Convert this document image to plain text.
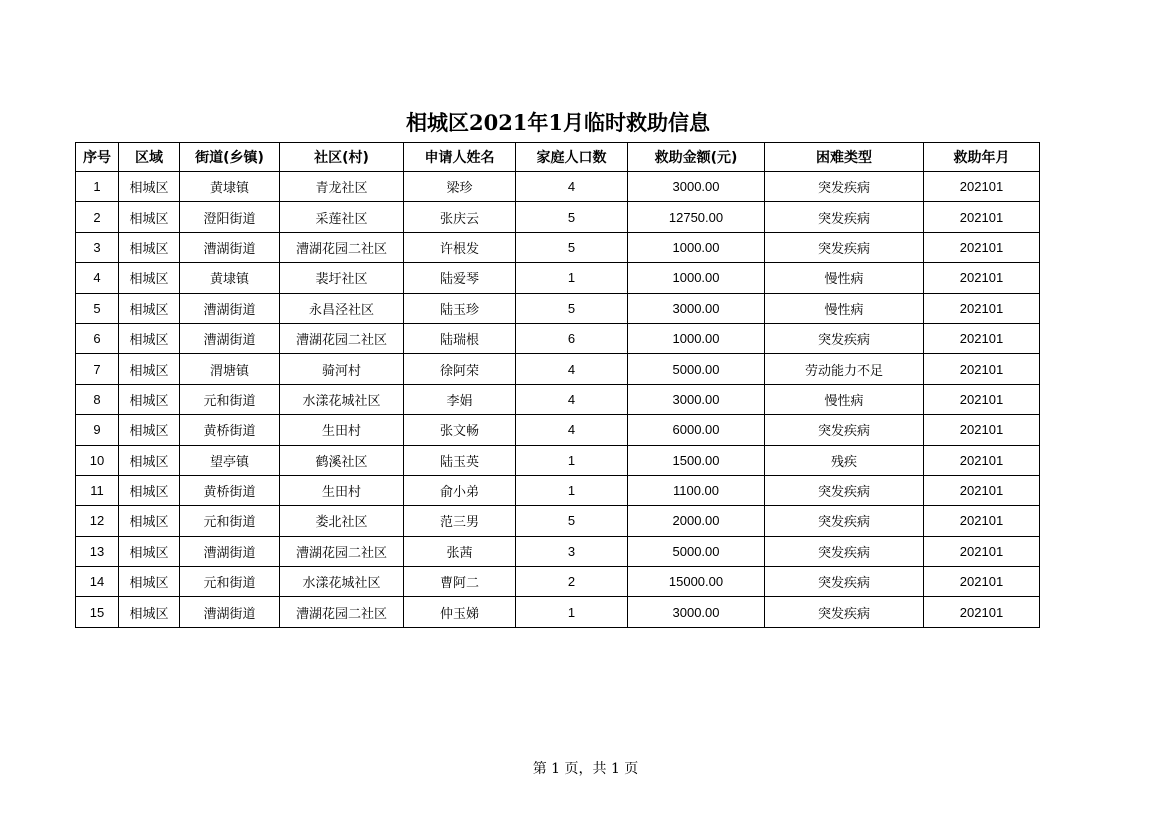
相城区2021年1月临时救助信息
序号	区域	街道(乡镇)	社区(村)	申请人姓名	家庭人口数	救助金额(元)	困难类型	救助年月
1	相城区	黄埭镇	青龙社区	梁珍	4	3000.00	突发疾病	202101
2	相城区	澄阳街道	采莲社区	张庆云	5	12750.00	突发疾病	202101
3	相城区	漕湖街道	漕湖花园二社区	许根发	5	1000.00	突发疾病	202101
4	相城区	黄埭镇	裴圩社区	陆爱琴	1	1000.00	慢性病	202101
5	相城区	漕湖街道	永昌泾社区	陆玉珍	5	3000.00	慢性病	202101
6	相城区	漕湖街道	漕湖花园二社区	陆瑞根	6	1000.00	突发疾病	202101
7	相城区	渭塘镇	骑河村	徐阿荣	4	5000.00	劳动能力不足	202101
8	相城区	元和街道	水漾花城社区	李娟	4	3000.00	慢性病	202101
9	相城区	黄桥街道	生田村	张文畅	4	6000.00	突发疾病	202101
10	相城区	望亭镇	鹤溪社区	陆玉英	1	1500.00	残疾	202101
11	相城区	黄桥街道	生田村	俞小弟	1	1100.00	突发疾病	202101
12	相城区	元和街道	娄北社区	范三男	5	2000.00	突发疾病	202101
13	相城区	漕湖街道	漕湖花园二社区	张茜	3	5000.00	突发疾病	202101
14	相城区	元和街道	水漾花城社区	曹阿二	2	15000.00	突发疾病	202101
15	相城区	漕湖街道	漕湖花园二社区	仲玉娣	1	3000.00	突发疾病	202101
第 1 页，共 1 页
